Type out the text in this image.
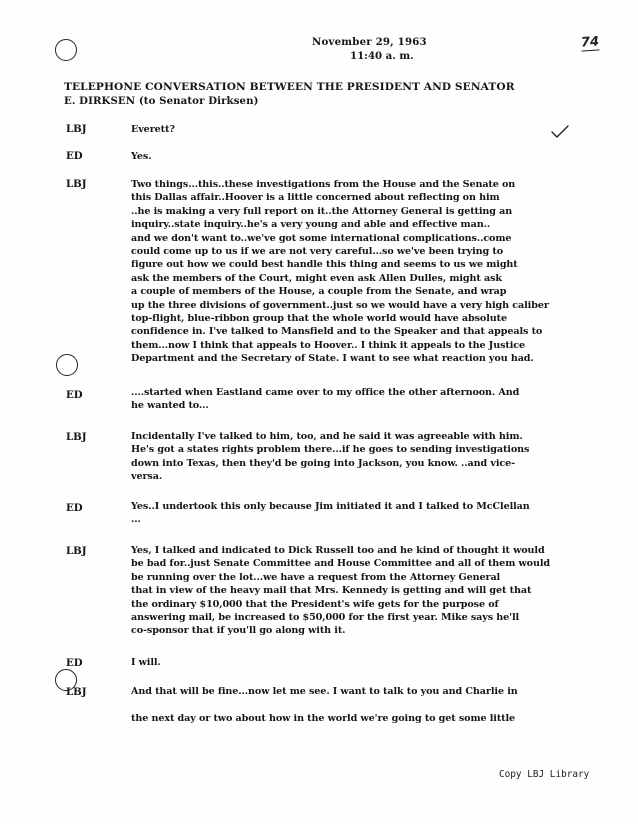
November 29, 1963
11:40 a. m.
74
TELEPHONE CONVERSATION BETWEEN THE PRESIDENT AND SENATOR
E. DIRKSEN (to Senator Dirksen)
LBJ	Everett?
ED	Yes.
LBJ	Two things...this..these investigations from the House and the Senate on
this Dallas affair..Hoover is a little concerned about reflecting on him
..he is making a very full report on it..the Attorney General is getting an
inquiry..state inquiry..he's a very young and able and effective man..
and we don't want to..we've got some international complications..come
could come up to us if we are not very careful...so we've been trying to
figure out how we could best handle this thing and seems to us we might
ask the members of the Court, might even ask Allen Dulles, might ask
a couple of members of the House, a couple from the Senate, and wrap
up the three divisions of government..just so we would have a very high caliber
top-flight, blue-ribbon group that the whole world would have absolute
confidence in. I've talked to Mansfield and to the Speaker and that appeals to
them...now I think that appeals to Hoover.. I think it appeals to the Justice
Department and the Secretary of State. I want to see what reaction you had.
ED	....started when Eastland came over to my office the other afternoon. And
he wanted to...
LBJ	Incidentally I've talked to him, too, and he said it was agreeable with him.
He's got a states rights problem there...if he goes to sending investigations
down into Texas, then they'd be going into Jackson, you know. ..and vice-
versa.
ED	Yes..I undertook this only because Jim initiated it and I talked to McClellan
...
LBJ	Yes, I talked and indicated to Dick Russell too and he kind of thought it would
be bad for..just Senate Committee and House Committee and all of them would
be running over the lot...we have a request from the Attorney General
that in view of the heavy mail that Mrs. Kennedy is getting and will get that
the ordinary $10,000 that the President's wife gets for the purpose of
answering mail, be increased to $50,000 for the first year. Mike says he'll
co-sponsor that if you'll go along with it.
ED	I will.
LBJ	And that will be fine...now let me see. I want to talk to you and Charlie in
the next day or two about how in the world we're going to get some little
Copy LBJ Library
